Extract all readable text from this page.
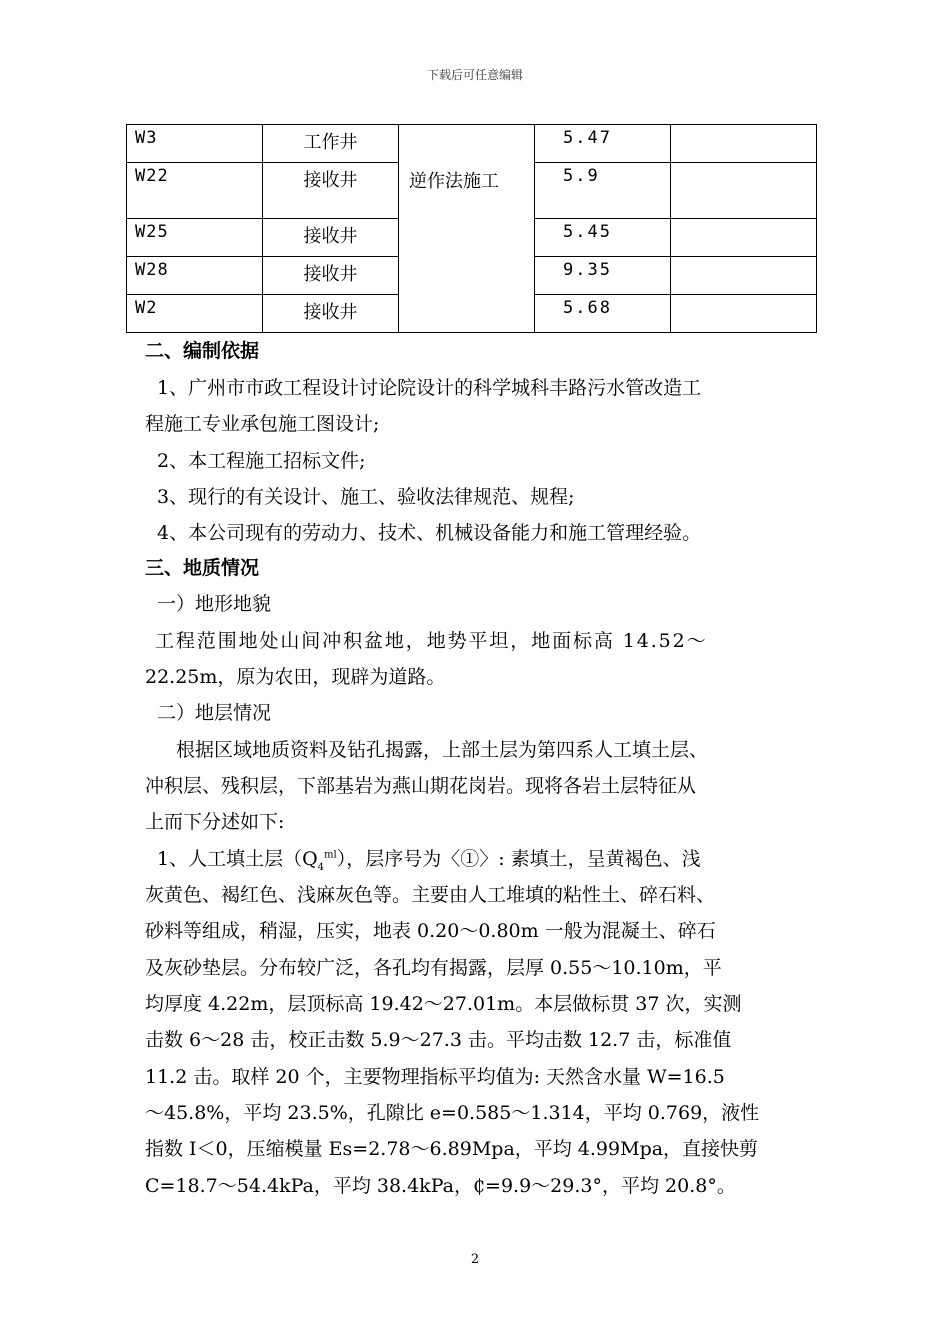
下载后可任意编辑
W3	工作井	逆作法施工	5.47	
W22	接收井		5.9	
W25	接收井		5.45	
W28	接收井		9.35	
W2	接收井		5.68	
二、编制依据
1、广州市市政工程设计讨论院设计的科学城科丰路污水管改造工
程施工专业承包施工图设计;
2、本工程施工招标文件;
3、现行的有关设计、施工、验收法律规范、规程;
4、本公司现有的劳动力、技术、机械设备能力和施工管理经验。
三、地质情况
一）地形地貌
工程范围地处山间冲积盆地，地势平坦，地面标高 14.52～
22.25m，原为农田，现辟为道路。
二）地层情况
根据区域地质资料及钻孔揭露，上部土层为第四系人工填土层、
冲积层、残积层，下部基岩为燕山期花岗岩。现将各岩土层特征从
上而下分述如下:
1、人工填土层$(Q_4^{ml})$，层序号为〈①〉: 素填土，呈黄褐色、浅
灰黄色、褐红色、浅麻灰色等。主要由人工堆填的粘性土、碎石料、
砂料等组成，稍湿，压实，地表 0.20～0.80m 一般为混凝土、碎石
及灰砂垫层。分布较广泛，各孔均有揭露，层厚 0.55～10.10m，平
均厚度 4.22m，层顶标高 19.42～27.01m。本层做标贯 37 次，实测
击数 6～28 击，校正击数 5.9～27.3 击。平均击数 12.7 击，标准值
11.2 击。取样 20 个，主要物理指标平均值为: 天然含水量 W=16.5
～45.8%，平均 23.5%，孔隙比 e=0.585～1.314，平均 0.769，液性
指数 I＜0，压缩模量 Es=2.78～6.89Mpa，平均 4.99Mpa，直接快剪
C=18.7～54.4kPa，平均 38.4kPa，₵=9.9～29.3°，平均 20.8°。
2
